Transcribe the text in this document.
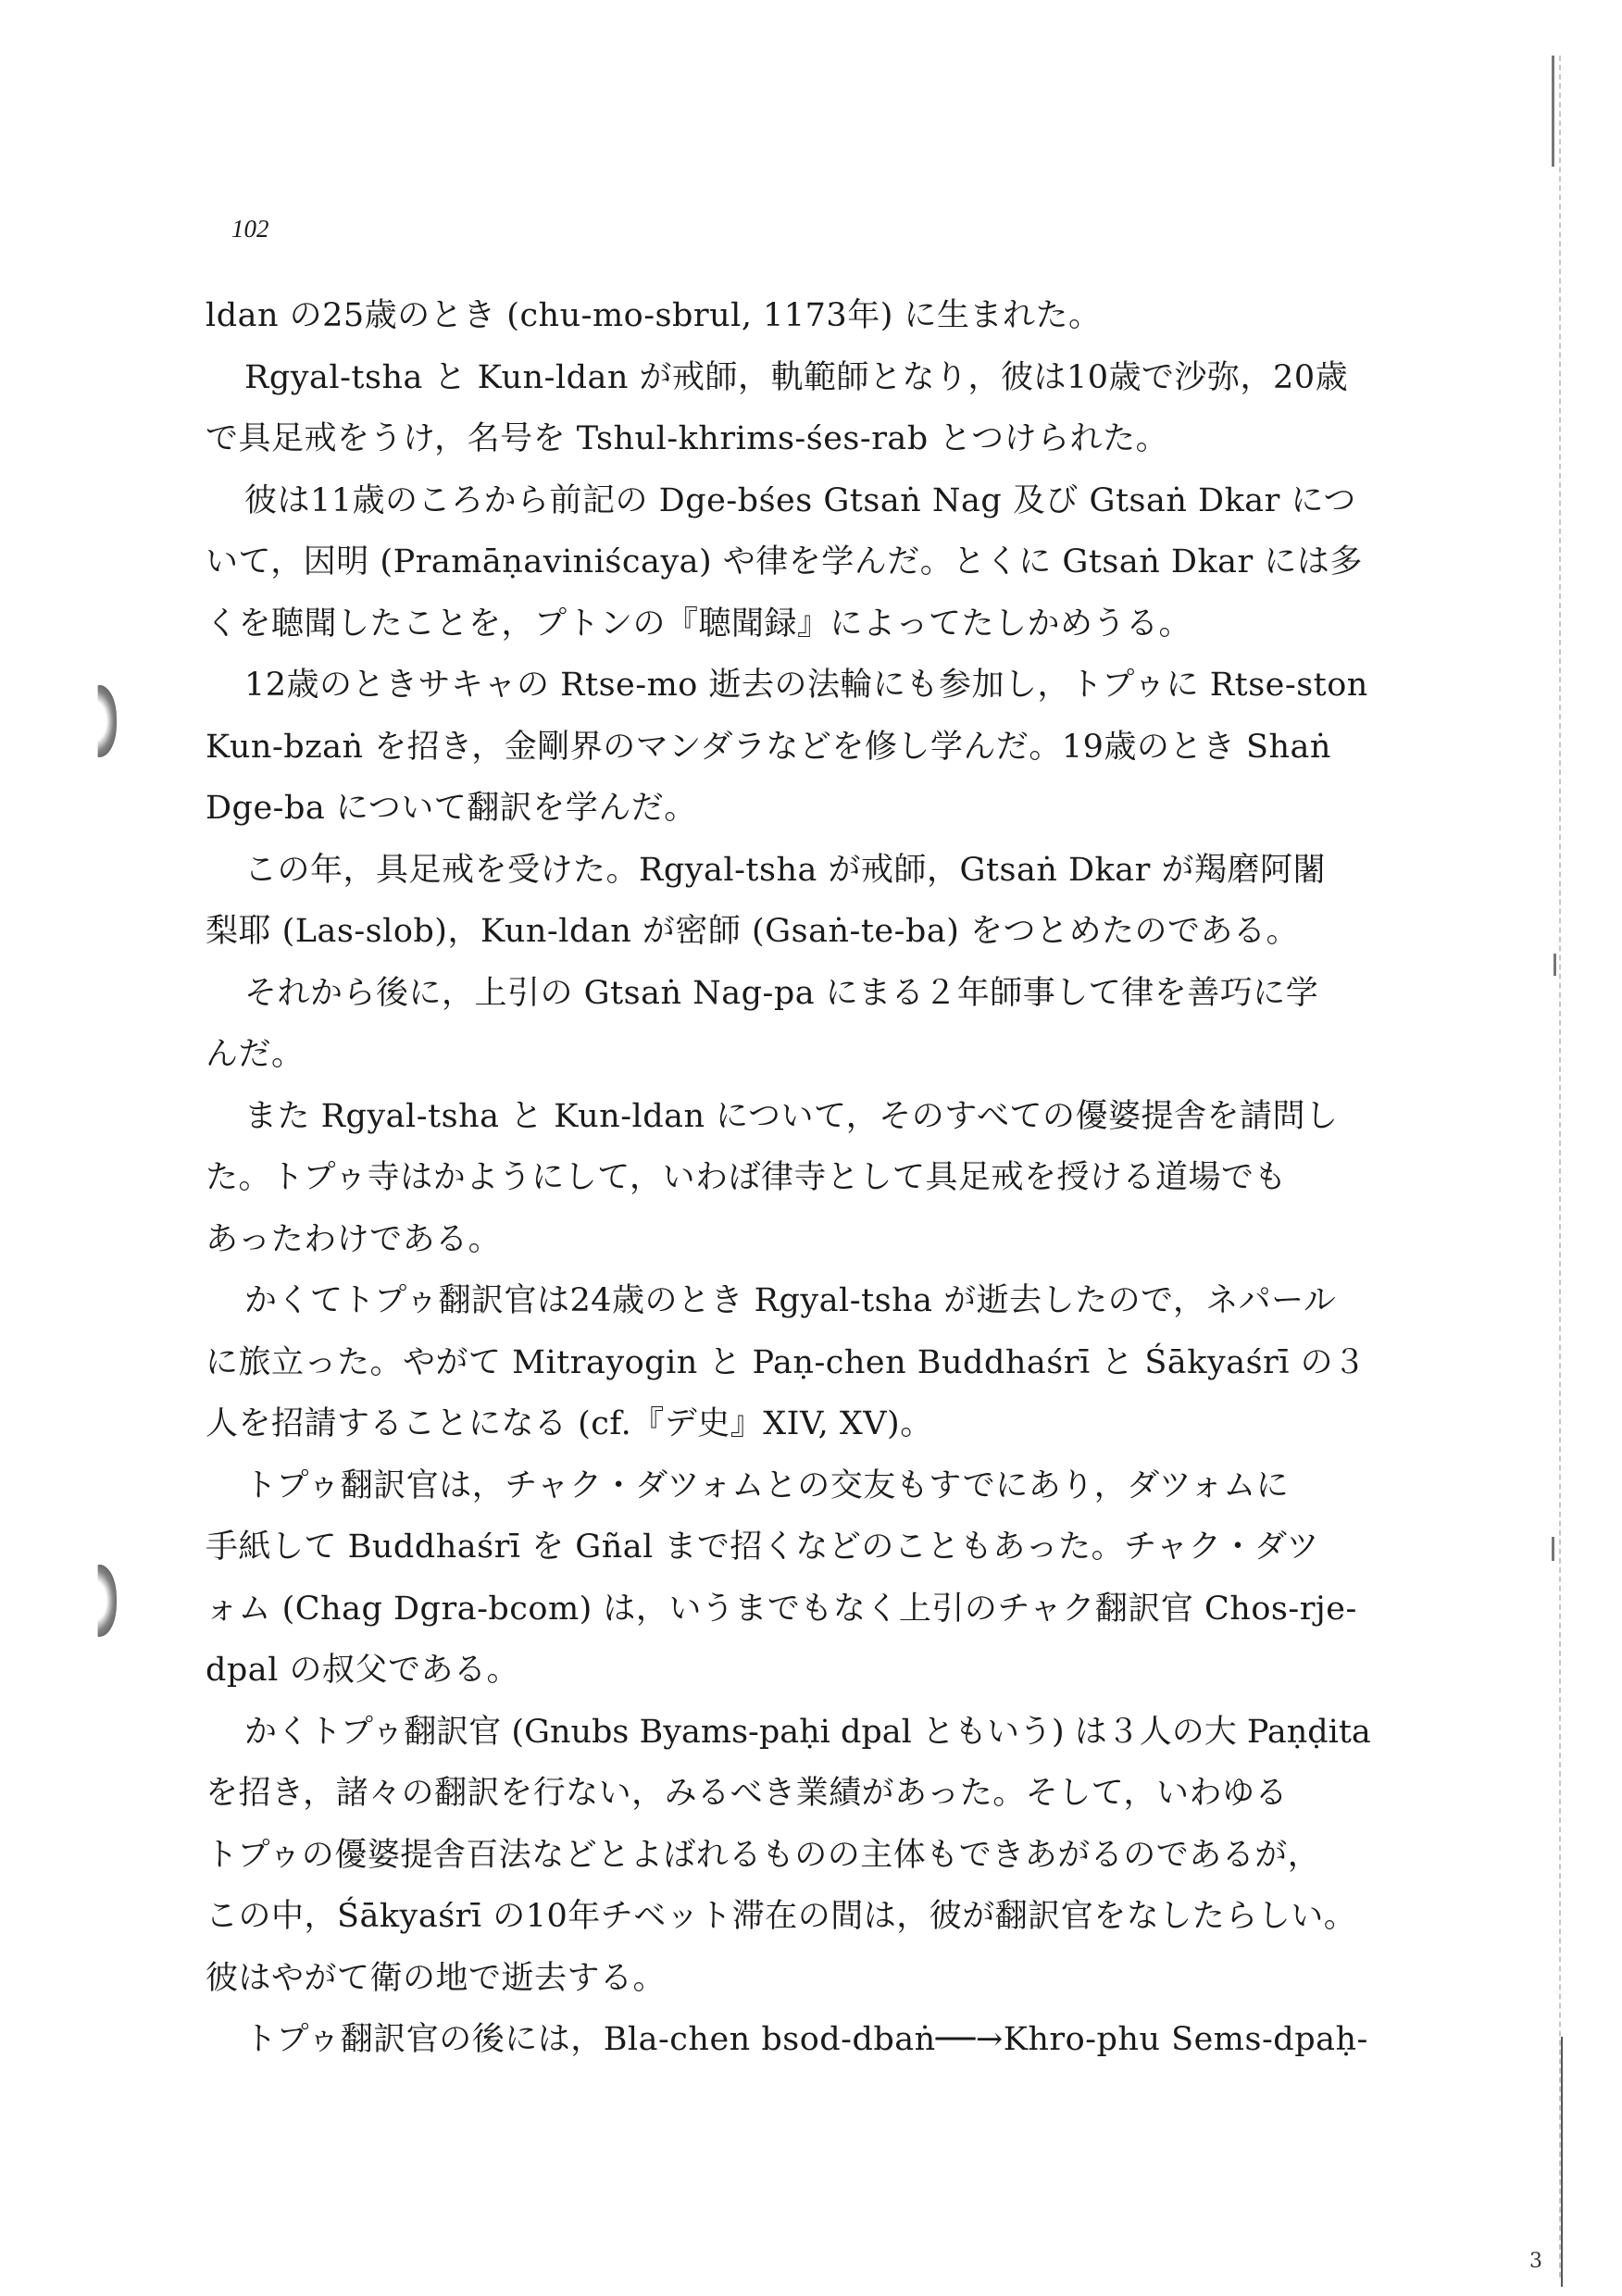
102
ldan の25歳のとき (chu-mo-sbrul, 1173年) に生まれた。
Rgyal-tsha と Kun-ldan が戒師，軌範師となり，彼は10歳で沙弥，20歳
で具足戒をうけ，名号を Tshul-khrims-śes-rab とつけられた。
彼は11歳のころから前記の Dge-bśes Gtsaṅ Nag 及び Gtsaṅ Dkar につ
いて，因明 (Pramāṇaviniścaya) や律を学んだ。とくに Gtsaṅ Dkar には多
くを聴聞したことを，プトンの『聴聞録』によってたしかめうる。
12歳のときサキャの Rtse-mo 逝去の法輪にも参加し，トプゥに Rtse-ston
Kun-bzaṅ を招き，金剛界のマンダラなどを修し学んだ。19歳のとき Shaṅ
Dge-ba について翻訳を学んだ。
この年，具足戒を受けた。Rgyal-tsha が戒師，Gtsaṅ Dkar が羯磨阿闍
梨耶 (Las-slob)，Kun-ldan が密師 (Gsaṅ-te-ba) をつとめたのである。
それから後に，上引の Gtsaṅ Nag-pa にまる２年師事して律を善巧に学
んだ。
また Rgyal-tsha と Kun-ldan について，そのすべての優婆提舎を請問し
た。トプゥ寺はかようにして，いわば律寺として具足戒を授ける道場でも
あったわけである。
かくてトプゥ翻訳官は24歳のとき Rgyal-tsha が逝去したので，ネパール
に旅立った。やがて Mitrayogin と Paṇ-chen Buddhaśrī と Śākyaśrī の３
人を招請することになる (cf.『デ史』XIV, XV)。
トプゥ翻訳官は，チャク・ダツォムとの交友もすでにあり，ダツォムに
手紙して Buddhaśrī を Gñal まで招くなどのこともあった。チャク・ダツ
ォム (Chag Dgra-bcom) は，いうまでもなく上引のチャク翻訳官 Chos-rje-
dpal の叔父である。
かくトプゥ翻訳官 (Gnubs Byams-paḥi dpal ともいう) は３人の大 Paṇḍita
を招き，諸々の翻訳を行ない，みるべき業績があった。そして，いわゆる
トプゥの優婆提舎百法などとよばれるものの主体もできあがるのであるが，
この中，Śākyaśrī の10年チベット滞在の間は，彼が翻訳官をなしたらしい。
彼はやがて衛の地で逝去する。
トプゥ翻訳官の後には，Bla-chen bsod-dbaṅ──→Khro-phu Sems-dpaḥ-
3
